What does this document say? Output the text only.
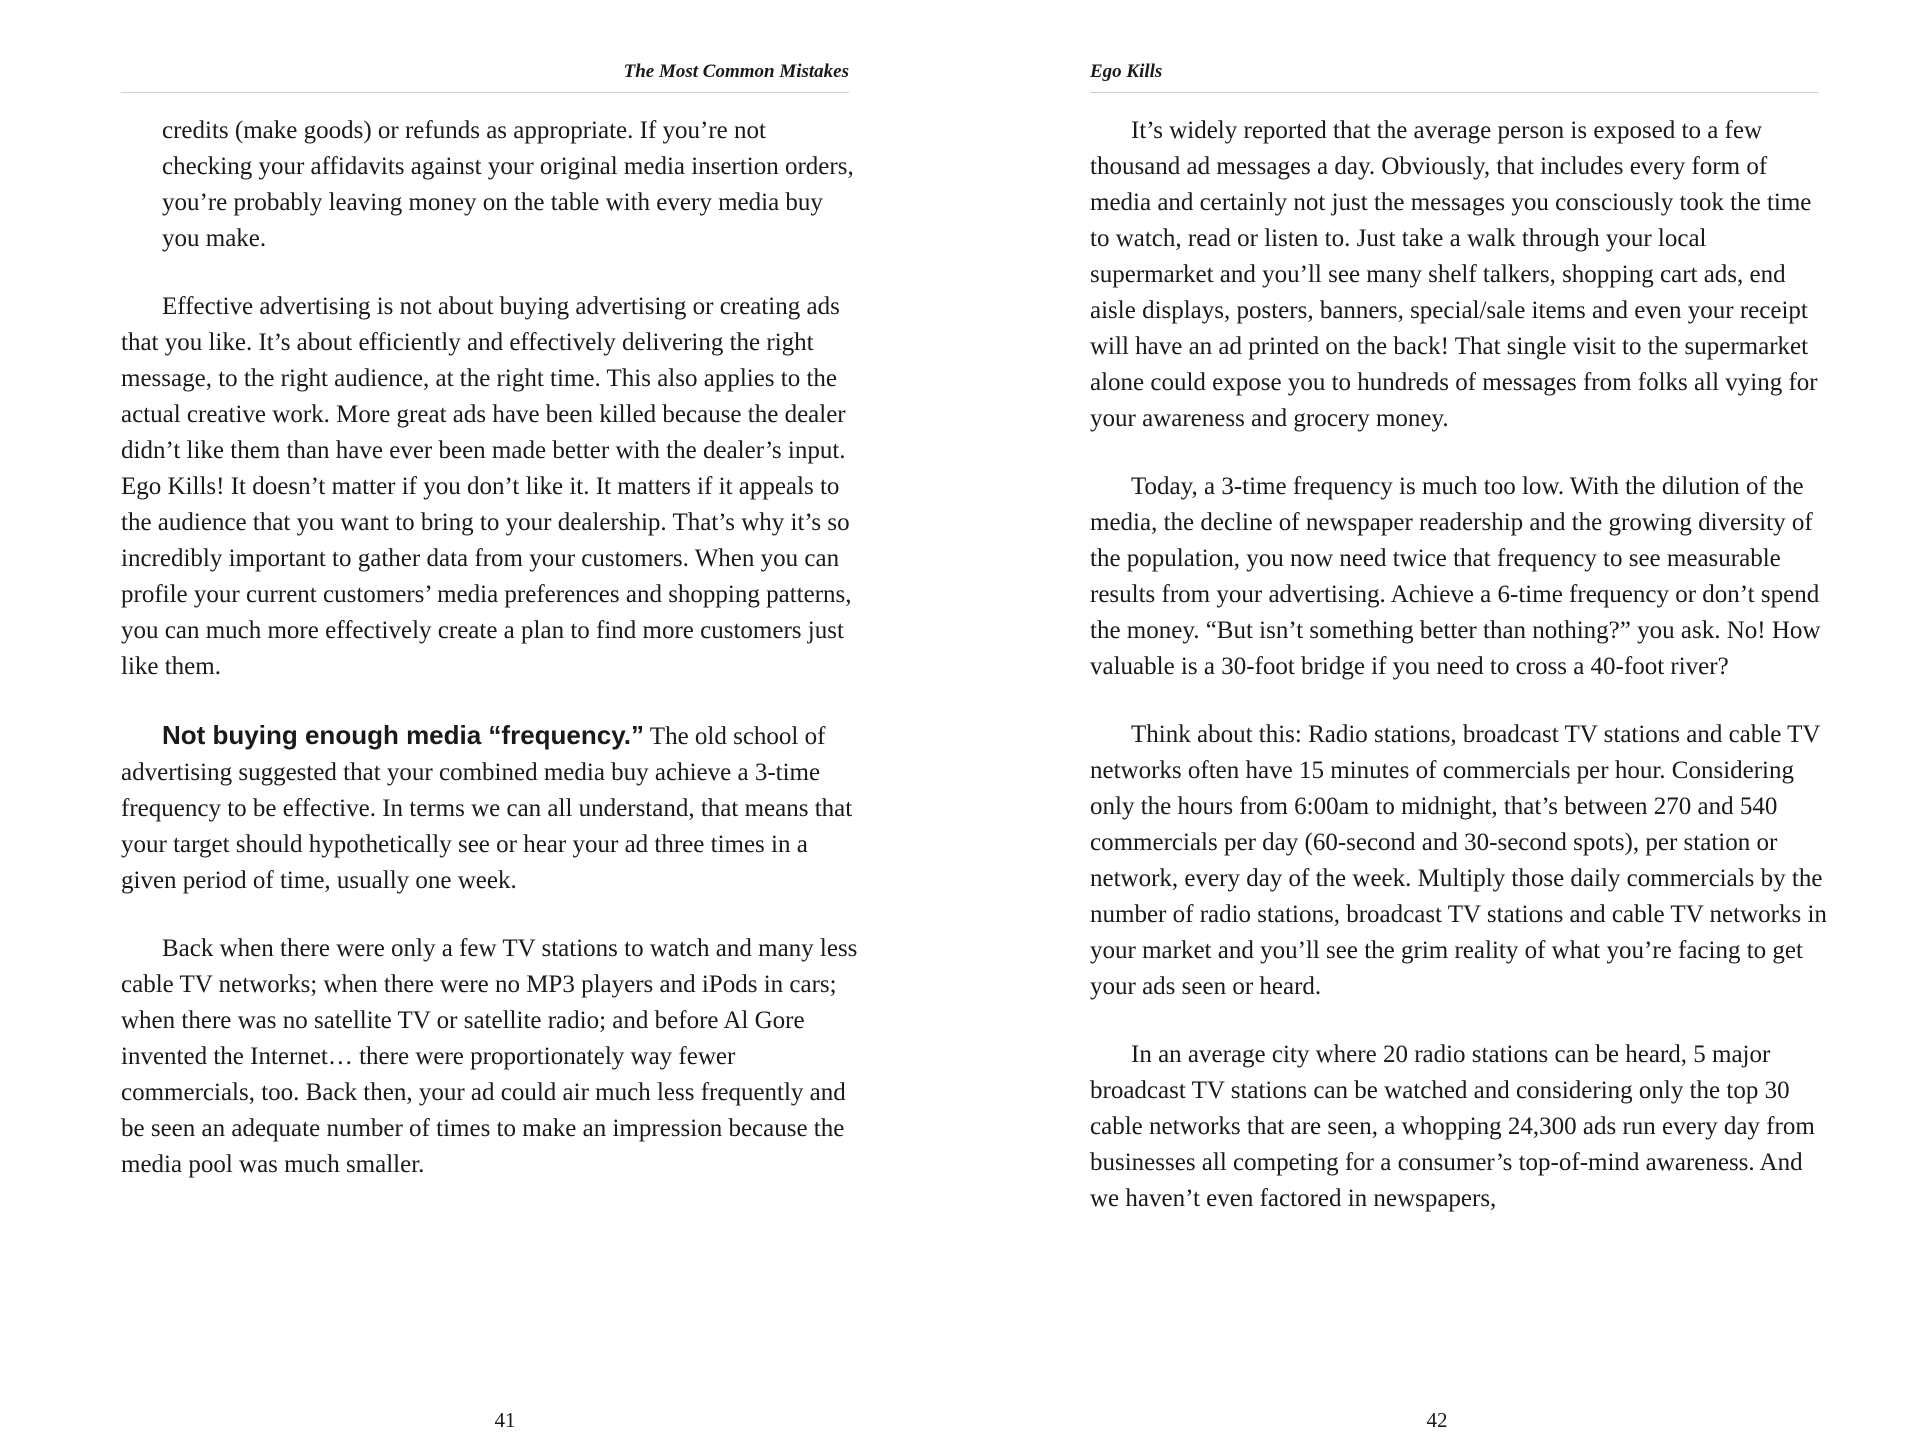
The Most Common Mistakes

credits (make goods) or refunds as appropriate. If you’re not checking your affidavits against your original media insertion orders, you’re probably leaving money on the table with every media buy you make.

Effective advertising is not about buying advertising or creating ads that you like. It’s about efficiently and effectively delivering the right message, to the right audience, at the right time. This also applies to the actual creative work. More great ads have been killed because the dealer didn’t like them than have ever been made better with the dealer’s input. Ego Kills! It doesn’t matter if you don’t like it. It matters if it appeals to the audience that you want to bring to your dealership. That’s why it’s so incredibly important to gather data from your customers. When you can profile your current customers’ media preferences and shopping patterns, you can much more effectively create a plan to find more customers just like them.

Not buying enough media “frequency.” The old school of advertising suggested that your combined media buy achieve a 3-time frequency to be effective. In terms we can all understand, that means that your target should hypothetically see or hear your ad three times in a given period of time, usually one week.

Back when there were only a few TV stations to watch and many less cable TV networks; when there were no MP3 players and iPods in cars; when there was no satellite TV or satellite radio; and before Al Gore invented the Internet… there were proportionately way fewer commercials, too. Back then, your ad could air much less frequently and be seen an adequate number of times to make an impression because the media pool was much smaller.

41
Ego Kills

It’s widely reported that the average person is exposed to a few thousand ad messages a day. Obviously, that includes every form of media and certainly not just the messages you consciously took the time to watch, read or listen to. Just take a walk through your local supermarket and you’ll see many shelf talkers, shopping cart ads, end aisle displays, posters, banners, special/sale items and even your receipt will have an ad printed on the back! That single visit to the supermarket alone could expose you to hundreds of messages from folks all vying for your awareness and grocery money.

Today, a 3-time frequency is much too low. With the dilution of the media, the decline of newspaper readership and the growing diversity of the population, you now need twice that frequency to see measurable results from your advertising. Achieve a 6-time frequency or don’t spend the money. “But isn’t something better than nothing?” you ask. No! How valuable is a 30-foot bridge if you need to cross a 40-foot river?

Think about this: Radio stations, broadcast TV stations and cable TV networks often have 15 minutes of commercials per hour. Considering only the hours from 6:00am to midnight, that’s between 270 and 540 commercials per day (60-second and 30-second spots), per station or network, every day of the week. Multiply those daily commercials by the number of radio stations, broadcast TV stations and cable TV networks in your market and you’ll see the grim reality of what you’re facing to get your ads seen or heard.

In an average city where 20 radio stations can be heard, 5 major broadcast TV stations can be watched and considering only the top 30 cable networks that are seen, a whopping 24,300 ads run every day from businesses all competing for a consumer’s top-of-mind awareness. And we haven’t even factored in newspapers,

42
